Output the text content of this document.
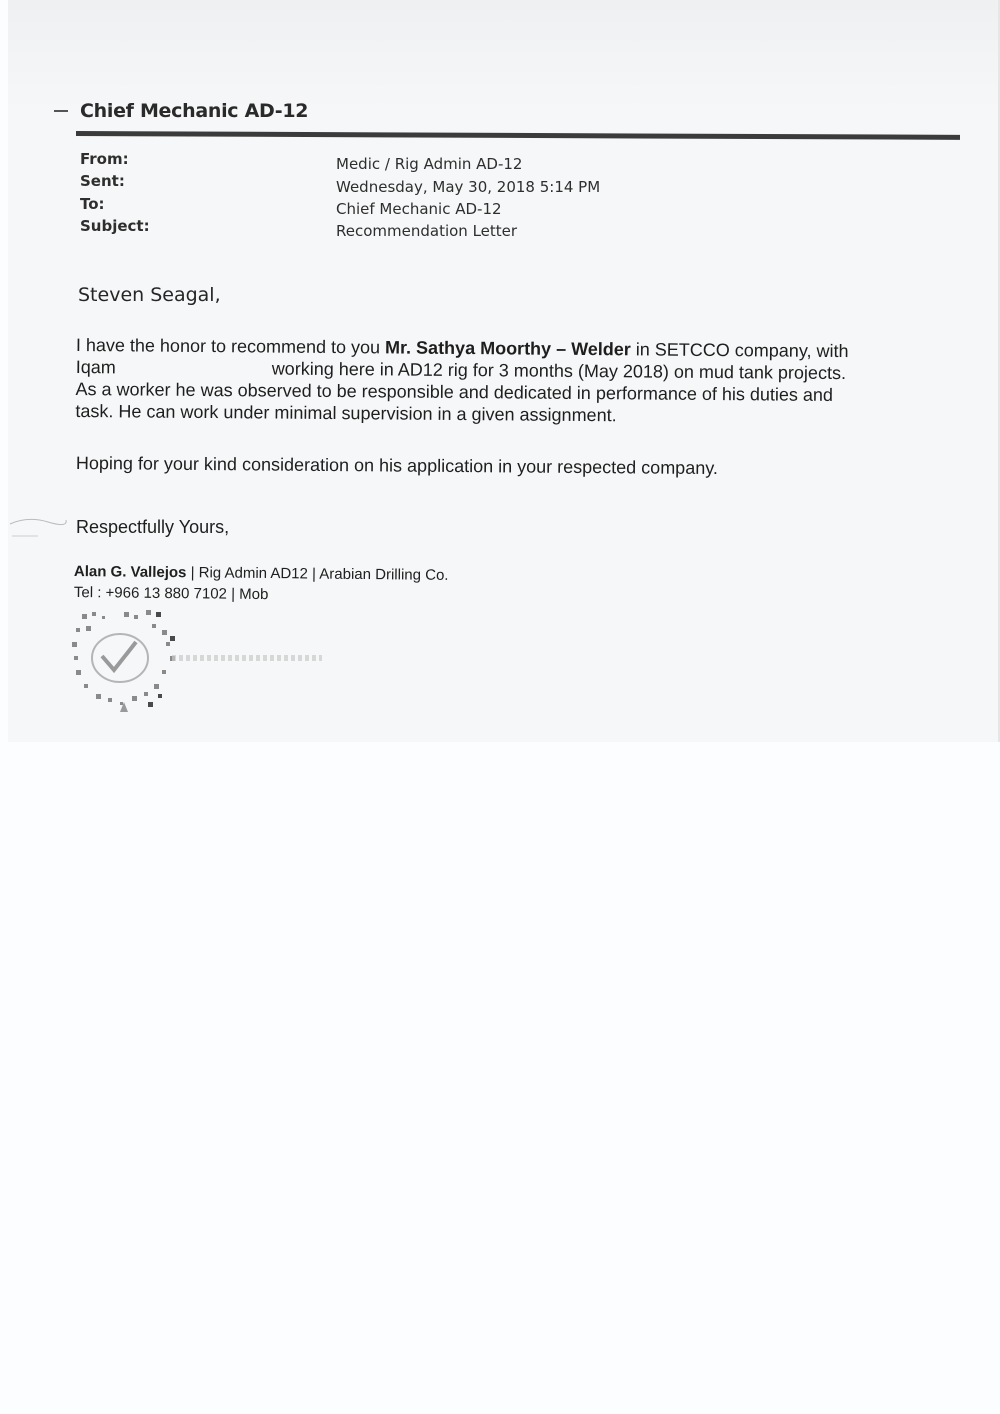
Chief Mechanic AD-12
From:
Sent:
To:
Subject:
Medic / Rig Admin AD-12
Wednesday, May 30, 2018 5:14 PM
Chief Mechanic AD-12
Recommendation Letter
Steven Seagal,
I have the honor to recommend to you Mr. Sathya Moorthy – Welder in SETCCO company, with
Iqam	working here in AD12 rig for 3 months (May 2018) on mud tank projects.
As a worker he was observed to be responsible and dedicated in performance of his duties and
task. He can work under minimal supervision in a given assignment.
Hoping for your kind consideration on his application in your respected company.
Respectfully Yours,
Alan G. Vallejos | Rig Admin AD12 | Arabian Drilling Co.
Tel : +966 13 880 7102 | Mob
